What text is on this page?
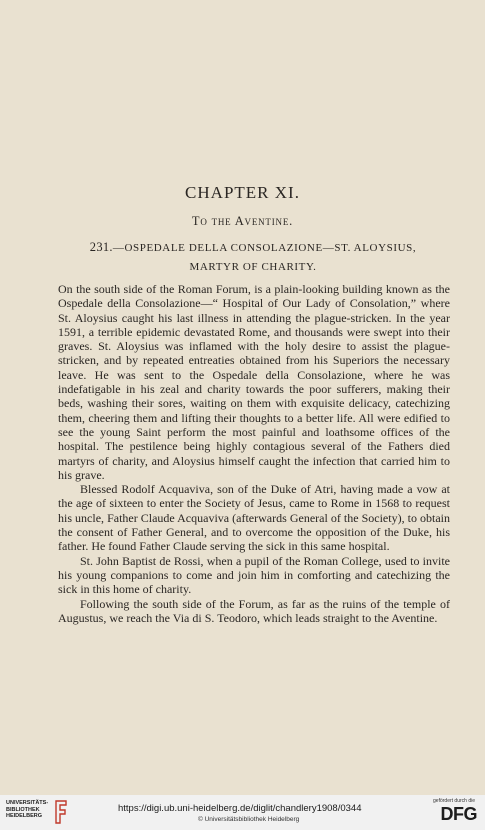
CHAPTER XI.
To the Aventine.
231.—OSPEDALE DELLA CONSOLAZIONE—ST. ALOYSIUS,
MARTYR OF CHARITY.

On the south side of the Roman Forum, is a plain-looking building known as the Ospedale della Consolazione—“ Hospital of Our Lady of Consolation,” where St. Aloysius caught his last illness in attending the plague-stricken. In the year 1591, a terrible epidemic devastated Rome, and thousands were swept into their graves. St. Aloysius was inflamed with the holy desire to assist the plague-stricken, and by repeated entreaties obtained from his Superiors the necessary leave. He was sent to the Ospedale della Consolazione, where he was indefatigable in his zeal and charity towards the poor sufferers, making their beds, washing their sores, waiting on them with exquisite delicacy, catechizing them, cheering them and lifting their thoughts to a better life. All were edified to see the young Saint perform the most painful and loathsome offices of the hospital. The pestilence being highly contagious several of the Fathers died martyrs of charity, and Aloysius himself caught the infection that carried him to his grave.

Blessed Rodolf Acquaviva, son of the Duke of Atri, having made a vow at the age of sixteen to enter the Society of Jesus, came to Rome in 1568 to request his uncle, Father Claude Acquaviva (afterwards General of the Society), to obtain the consent of Father General, and to overcome the opposition of the Duke, his father. He found Father Claude serving the sick in this same hospital.

St. John Baptist de Rossi, when a pupil of the Roman College, used to invite his young companions to come and join him in comforting and catechizing the sick in this home of charity.

Following the south side of the Forum, as far as the ruins of the temple of Augustus, we reach the Via di S. Teodoro, which leads straight to the Aventine.

UNIVERSITÄTS- BIBLIOTHEK HEIDELBERG
https://digi.ub.uni-heidelberg.de/diglit/chandlery1908/0344
© Universitätsbibliothek Heidelberg
gefördert durch die
DFG
